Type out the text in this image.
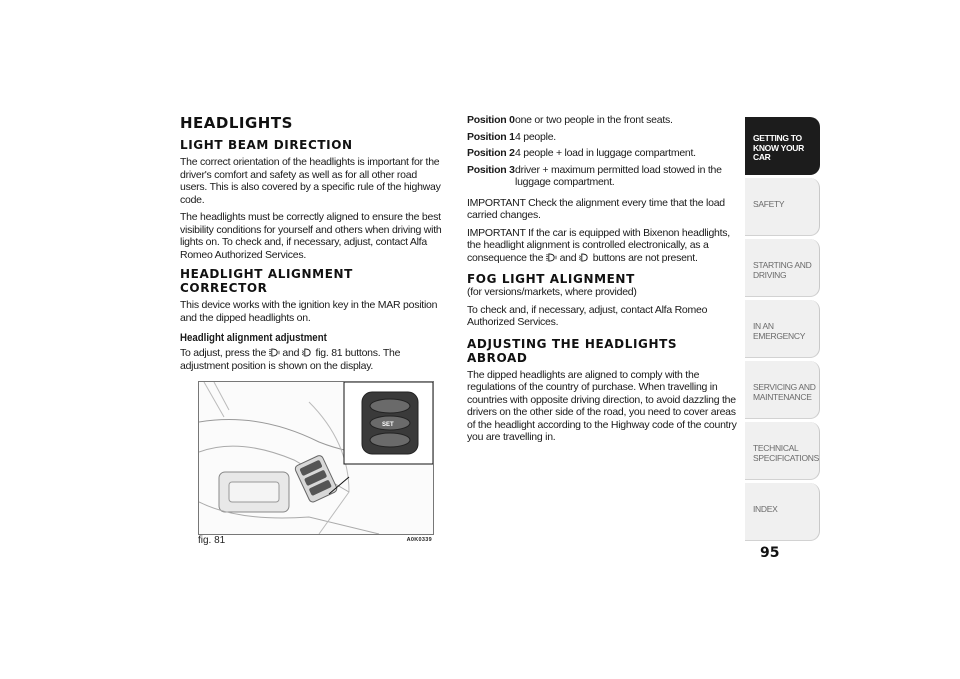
HEADLIGHTS
LIGHT BEAM DIRECTION

The correct orientation of the headlights is important for the driver's comfort and safety as well as for all other road users. This is also covered by a specific rule of the highway code.

The headlights must be correctly aligned to ensure the best visibility conditions for yourself and others when driving with lights on. To check and, if necessary, adjust, contact Alfa Romeo Authorized Services.

HEADLIGHT ALIGNMENT CORRECTOR

This device works with the ignition key in the MAR position and the dipped headlights on.

Headlight alignment adjustment

To adjust, press the and fig. 81 buttons. The adjustment position is shown on the display.

SET
fig. 81	A0K0339
Position 0 one or two people in the front seats.
Position 1 4 people.
Position 2 4 people + load in luggage compartment.
Position 3 driver + maximum permitted load stowed in the luggage compartment.

IMPORTANT Check the alignment every time that the load carried changes.

IMPORTANT If the car is equipped with Bixenon headlights, the headlight alignment is controlled electronically, as a consequence the and buttons are not present.

FOG LIGHT ALIGNMENT

(for versions/markets, where provided)

To check and, if necessary, adjust, contact Alfa Romeo Authorized Services.

ADJUSTING THE HEADLIGHTS ABROAD

The dipped headlights are aligned to comply with the regulations of the country of purchase. When travelling in countries with opposite driving direction, to avoid dazzling the drivers on the other side of the road, you need to cover areas of the headlight according to the Highway code of the country you are travelling in.

GETTING TO KNOW YOUR CAR
SAFETY
STARTING AND DRIVING
IN AN EMERGENCY
SERVICING AND MAINTENANCE
TECHNICAL SPECIFICATIONS
INDEX
95
